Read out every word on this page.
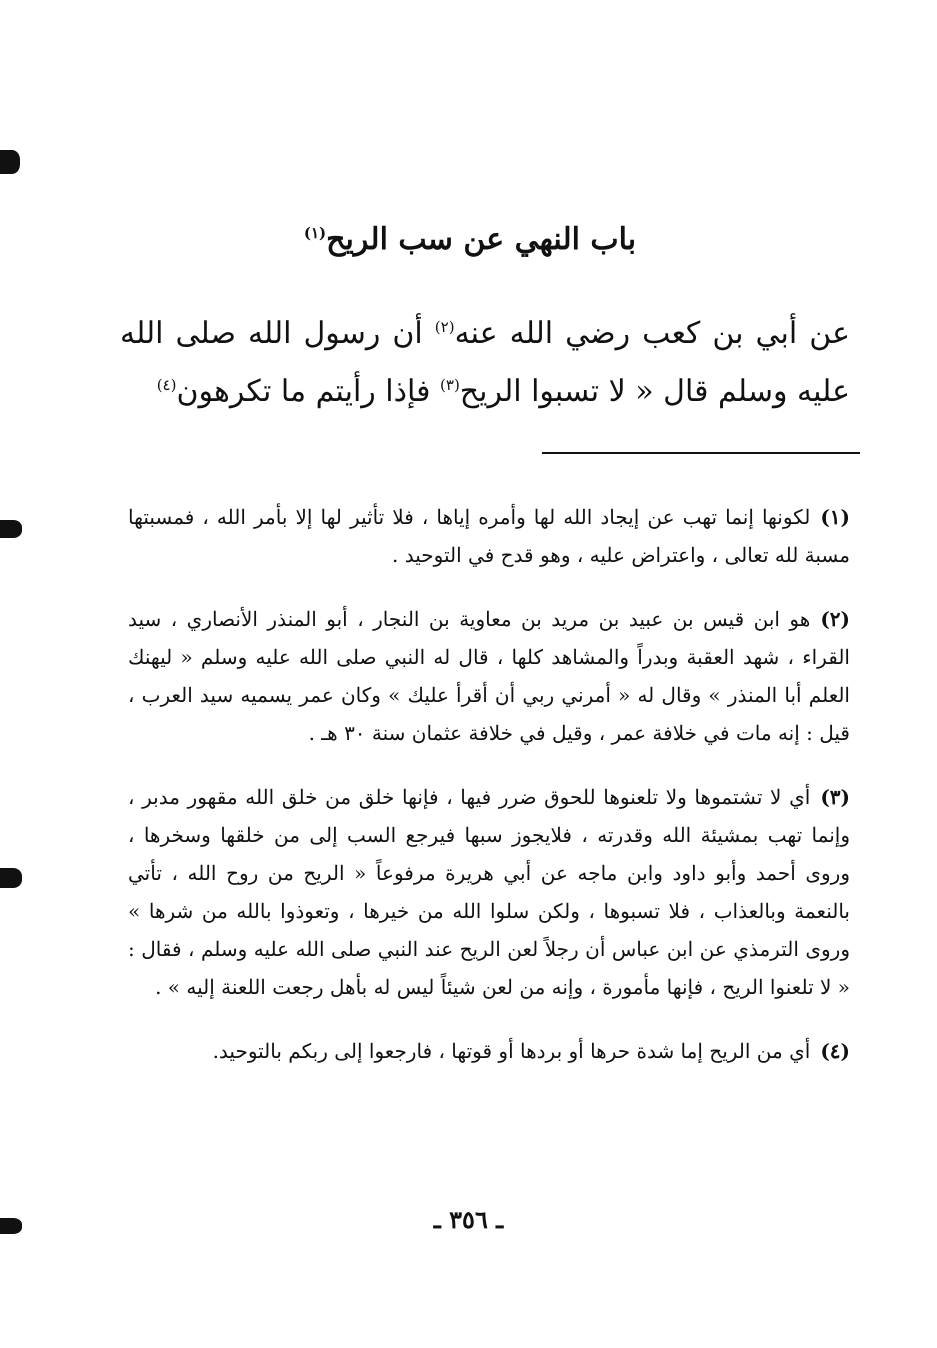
باب النهي عن سب الريح$^{(١)}$
عن أبي بن كعب رضي الله عنه$^{(٢)}$ أن رسول الله صلى الله عليه وسلم قال « لا تسبوا الريح$^{(٣)}$ فإذا رأيتم ما تكرهون$^{(٤)}$

(١)لكونها إنما تهب عن إيجاد الله لها وأمره إياها ، فلا تأثير لها إلا بأمر الله ، فمسبتها مسبة لله تعالى ، واعتراض عليه ، وهو قدح في التوحيد .

(٢)هو ابن قيس بن عبيد بن مريد بن معاوية بن النجار ، أبو المنذر الأنصاري ، سيد القراء ، شهد العقبة وبدراً والمشاهد كلها ، قال له النبي صلى الله عليه وسلم « ليهنك العلم أبا المنذر » وقال له « أمرني ربي أن أقرأ عليك » وكان عمر يسميه سيد العرب ، قيل : إنه مات في خلافة عمر ، وقيل في خلافة عثمان سنة ٣٠ هـ .

(٣)أي لا تشتموها ولا تلعنوها للحوق ضرر فيها ، فإنها خلق من خلق الله مقهور مدبر ، وإنما تهب بمشيئة الله وقدرته ، فلايجوز سبها فيرجع السب إلى من خلقها وسخرها ، وروى أحمد وأبو داود وابن ماجه عن أبي هريرة مرفوعاً « الريح من روح الله ، تأتي بالنعمة وبالعذاب ، فلا تسبوها ، ولكن سلوا الله من خيرها ، وتعوذوا بالله من شرها » وروى الترمذي عن ابن عباس أن رجلاً لعن الريح عند النبي صلى الله عليه وسلم ، فقال : « لا تلعنوا الريح ، فإنها مأمورة ، وإنه من لعن شيئاً ليس له بأهل رجعت اللعنة إليه » .

(٤)أي من الريح إما شدة حرها أو بردها أو قوتها ، فارجعوا إلى ربكم بالتوحيد.

ـ ٣٥٦ ـ
